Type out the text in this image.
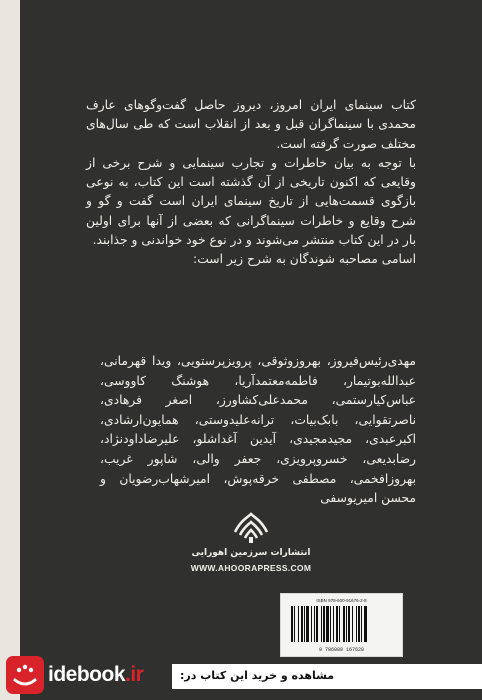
کتاب سینمای ایران امروز، دیروز حاصل گفت‌وگوهای عارف محمدی با سینماگران قبل و بعد از انقلاب است که طی سال‌های مختلف صورت گرفته است.

با توجه به بیان خاطرات و تجارب سینمایی و شرح برخی از وقایعی که اکنون تاریخی از آن گذشته است این کتاب، به نوعی بازگوی قسمت‌هایی از تاریخ سینمای ایران است گفت و گو و شرح وقایع و خاطرات سینماگرانی که بعضی از آنها برای اولین بار در این کتاب منتشر می‌شوند و در نوع خود خواندنی و جذابند.

اسامی مصاحبه شوندگان به شرح زیر است:

مهدی‌رئیس‌فیروز، بهروزوثوقی، پرویزپرستویی، ویدا قهرمانی، عبدالله‌بوتیمار، فاطمه‌معتمدآریا، هوشنگ کاووسی، عباس‌کیارستمی، محمدعلی‌کشاورز، اصغر فرهادی، ناصرتقوایی، بابک‌بیات، ترانه‌علیدوستی، همایون‌ارشادی، اکبرعبدی، مجیدمجیدی، آیدین آغداشلو، علیرضاداودنژاد، رضابدیعی، خسروپرویزی، جعفر والی، شاپور غریب، بهروزافخمی، مصطفی خرقه‌پوش، امیرشهاب‌رضویان و محسن امیریوسفی
انتشارات سرزمین اهورایی
WWW.AHOORAPRESS.COM
ISBN 978-600-91676-2-8
9 786009 167628
idebook.ir	مشاهده و خرید این کتاب در:
